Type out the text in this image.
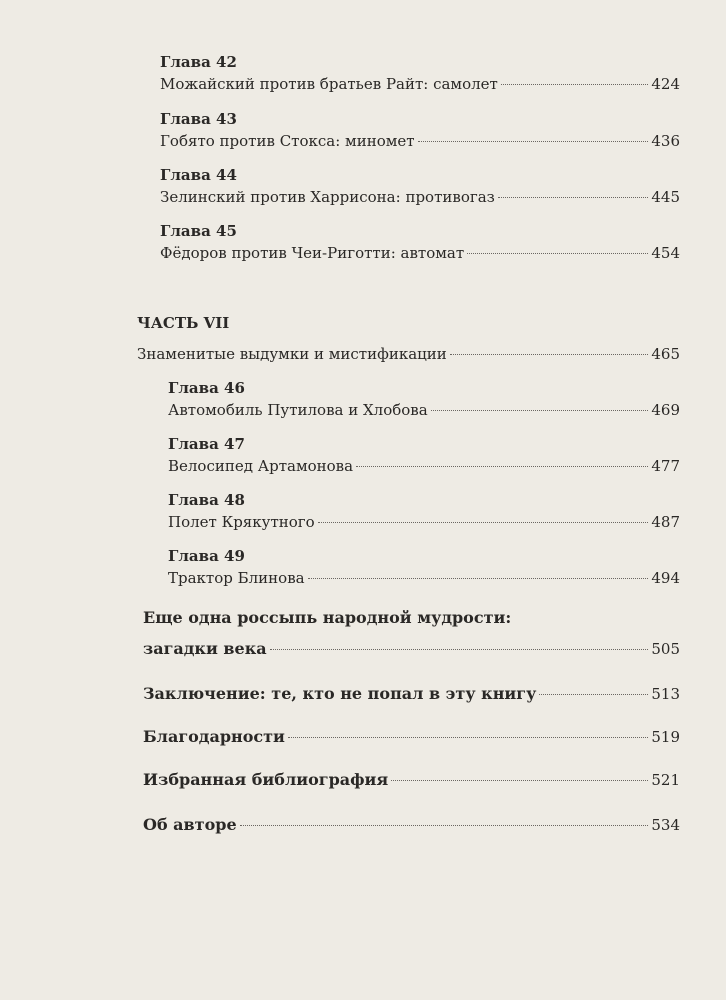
Глава 42
Можайский против братьев Райт: самолет	424
Глава 43
Гобято против Стокса: миномет	436
Глава 44
Зелинский против Харрисона: противогаз	445
Глава 45
Фёдоров против Чеи-Риготти: автомат	454
ЧАСТЬ VII
Знаменитые выдумки и мистификации	465
Глава 46
Автомобиль Путилова и Хлобова	469
Глава 47
Велосипед Артамонова	477
Глава 48
Полет Крякутного	487
Глава 49
Трактор Блинова	494
Еще одна россыпь народной мудрости:
загадки века	505
Заключение: те, кто не попал в эту книгу	513
Благодарности	519
Избранная библиография	521
Об авторе	534
